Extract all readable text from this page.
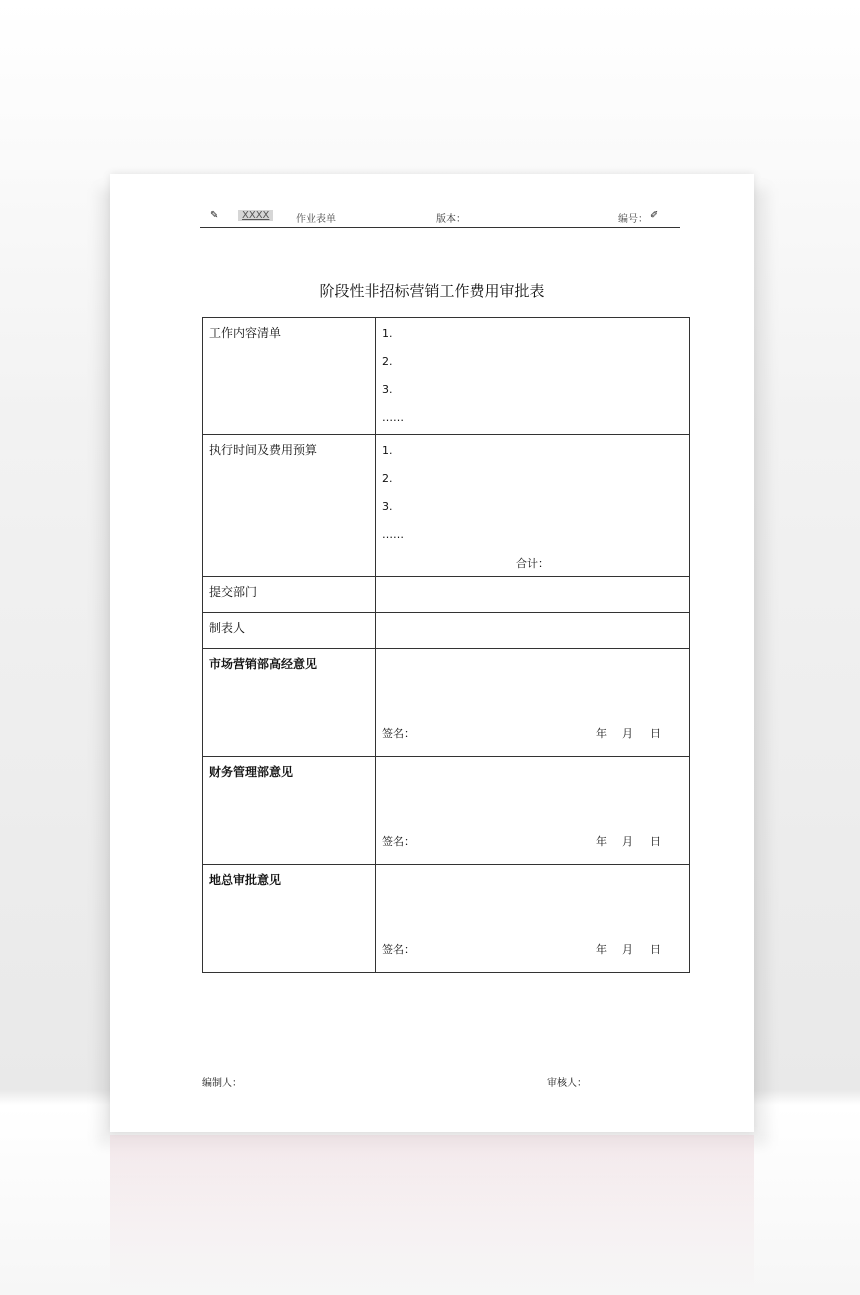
✎	XXXX	作业表单	版本：	编号： ✐
阶段性非招标营销工作费用审批表
工作内容清单	1.
2.
3.
……

执行时间及费用预算	1.
2.
3.
……
合计：

提交部门	
制表人	
市场营销部高经意见	签名： 年 月 日

财务管理部意见	签名： 年 月 日

地总审批意见	签名： 年 月 日
编制人：	审核人：
